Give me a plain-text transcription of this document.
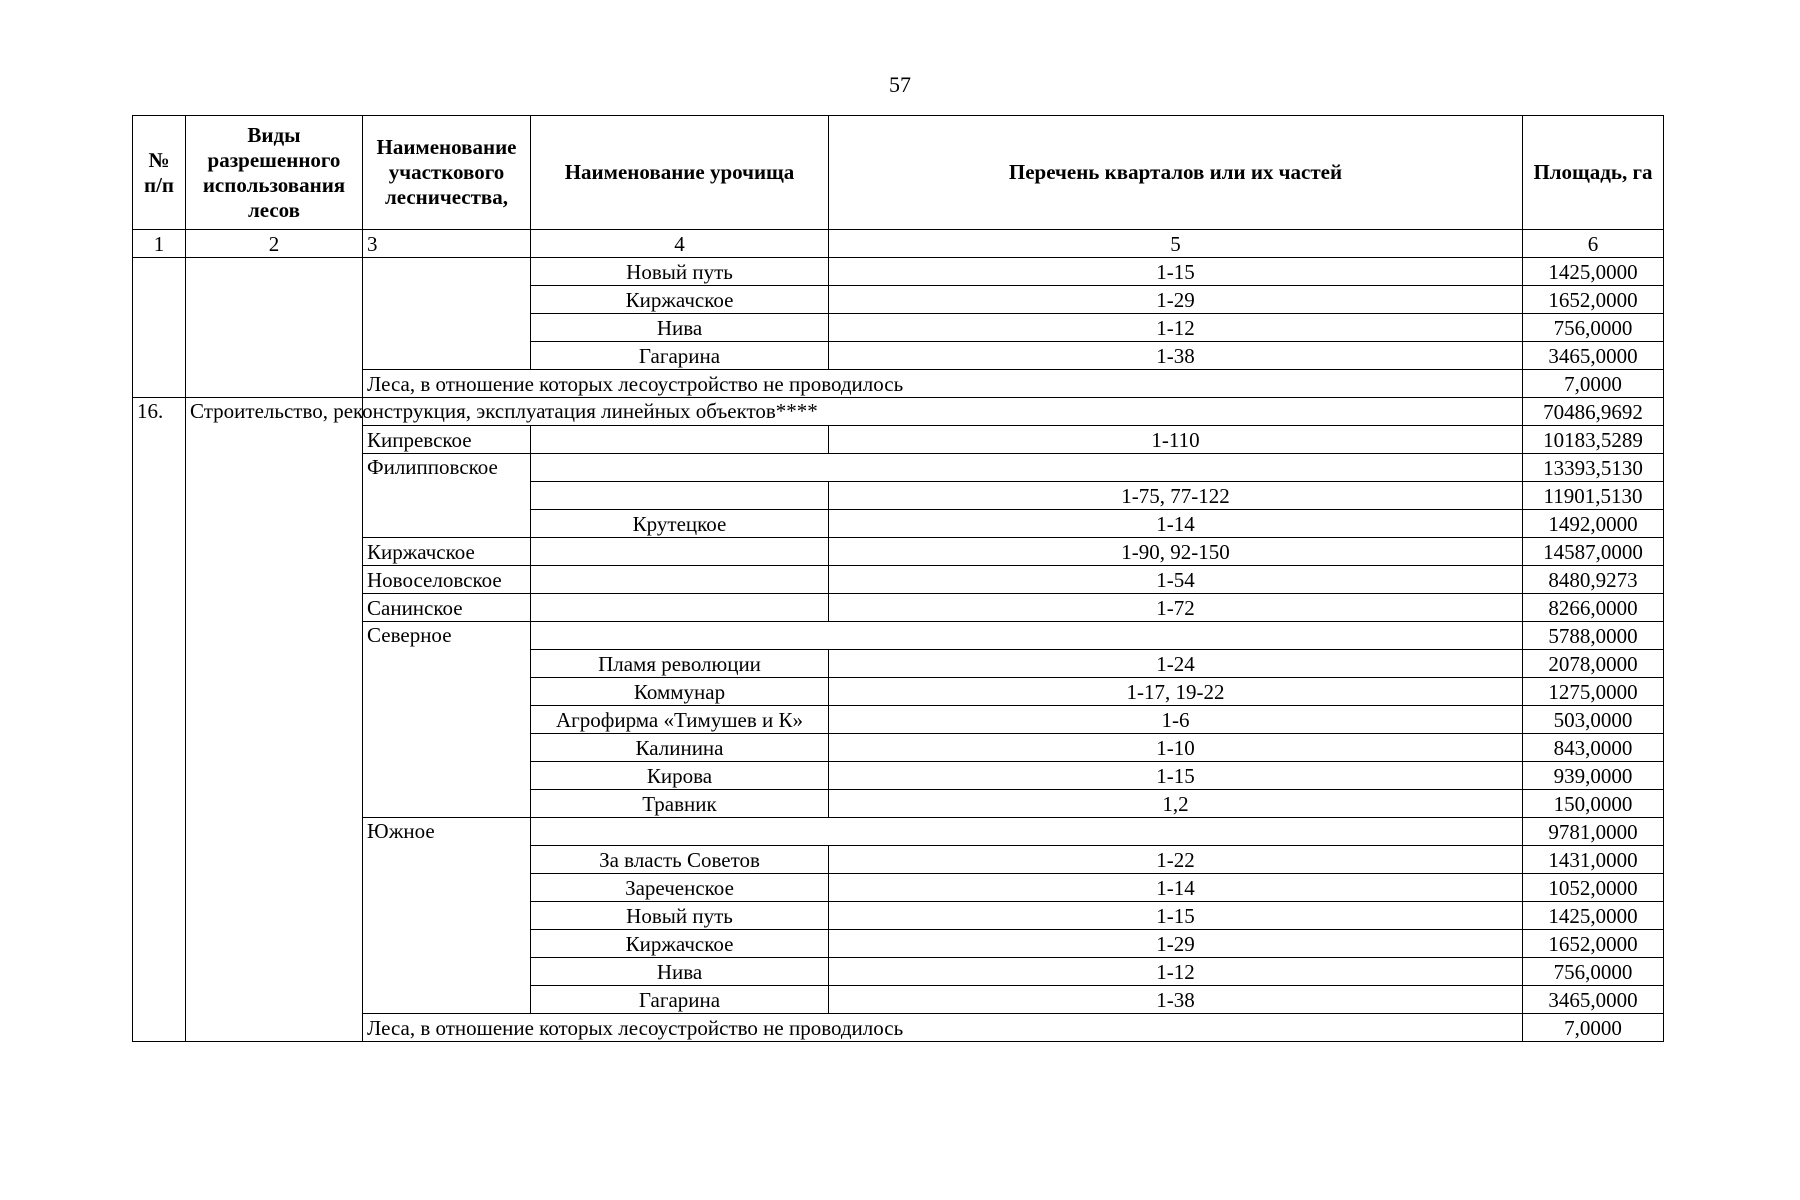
57
№ п/п	Виды разрешенного использования лесов	Наименование участкового лесничества,	Наименование урочища	Перечень кварталов или их частей	Площадь, га
1	2	3	4	5	6
			Новый путь	1-15	1425,0000
			Киржачское	1-29	1652,0000
			Нива	1-12	756,0000
			Гагарина	1-38	3465,0000
		Леса, в отношение которых лесоустройство не проводилось			7,0000
16.	Строительство, реконструкция, эксплуатация линейных объектов****				70486,9692
		Кипревское		1-110	10183,5289
		Филипповское			13393,5130
				1-75, 77-122	11901,5130
			Крутецкое	1-14	1492,0000
		Киржачское		1-90, 92-150	14587,0000
		Новоселовское		1-54	8480,9273
		Санинское		1-72	8266,0000
		Северное			5788,0000
			Пламя революции	1-24	2078,0000
			Коммунар	1-17, 19-22	1275,0000
			Агрофирма «Тимушев и К»	1-6	503,0000
			Калинина	1-10	843,0000
			Кирова	1-15	939,0000
			Травник	1,2	150,0000
		Южное			9781,0000
			За власть Советов	1-22	1431,0000
			Зареченское	1-14	1052,0000
			Новый путь	1-15	1425,0000
			Киржачское	1-29	1652,0000
			Нива	1-12	756,0000
			Гагарина	1-38	3465,0000
		Леса, в отношение которых лесоустройство не проводилось			7,0000
